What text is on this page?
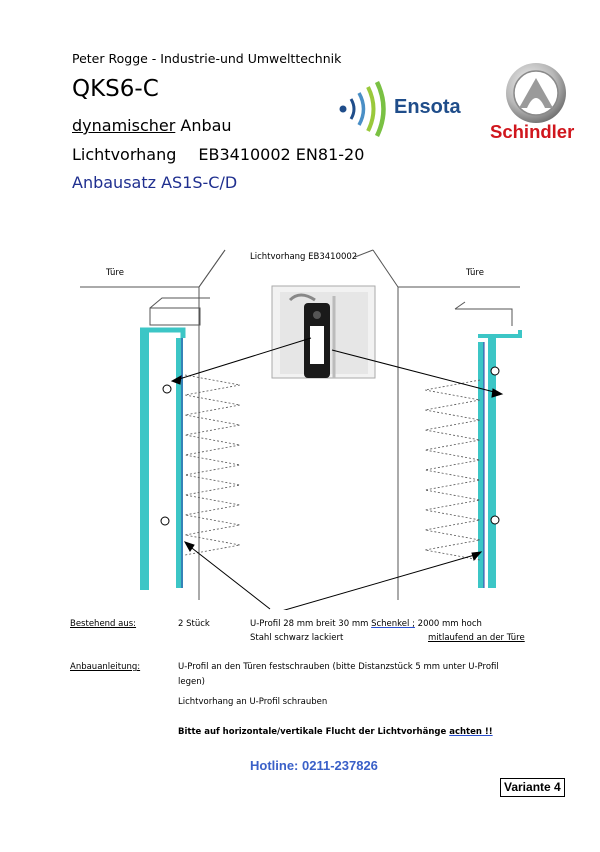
Peter Rogge - Industrie-und Umwelttechnik
QKS6-C
dynamischer Anbau
Lichtvorhang EB3410002 EN81-20
Anbausatz AS1S-C/D
Ensota
Schindler
Lichtvorhang EB3410002
Türe	Türe
Bestehend aus:	2 Stück	U-Profil 28 mm breit 30 mm Schenkel ; 2000 mm hoch
Stahl schwarz lackiert	mitlaufend an der Türe
Anbauanleitung:	U-Profil an den Türen festschrauben (bitte Distanzstück 5 mm unter U-Profil
legen)
Lichtvorhang an U-Profil schrauben
Bitte auf horizontale/vertikale Flucht der Lichtvorhänge achten !!
Hotline: 0211-237826
Variante 4
